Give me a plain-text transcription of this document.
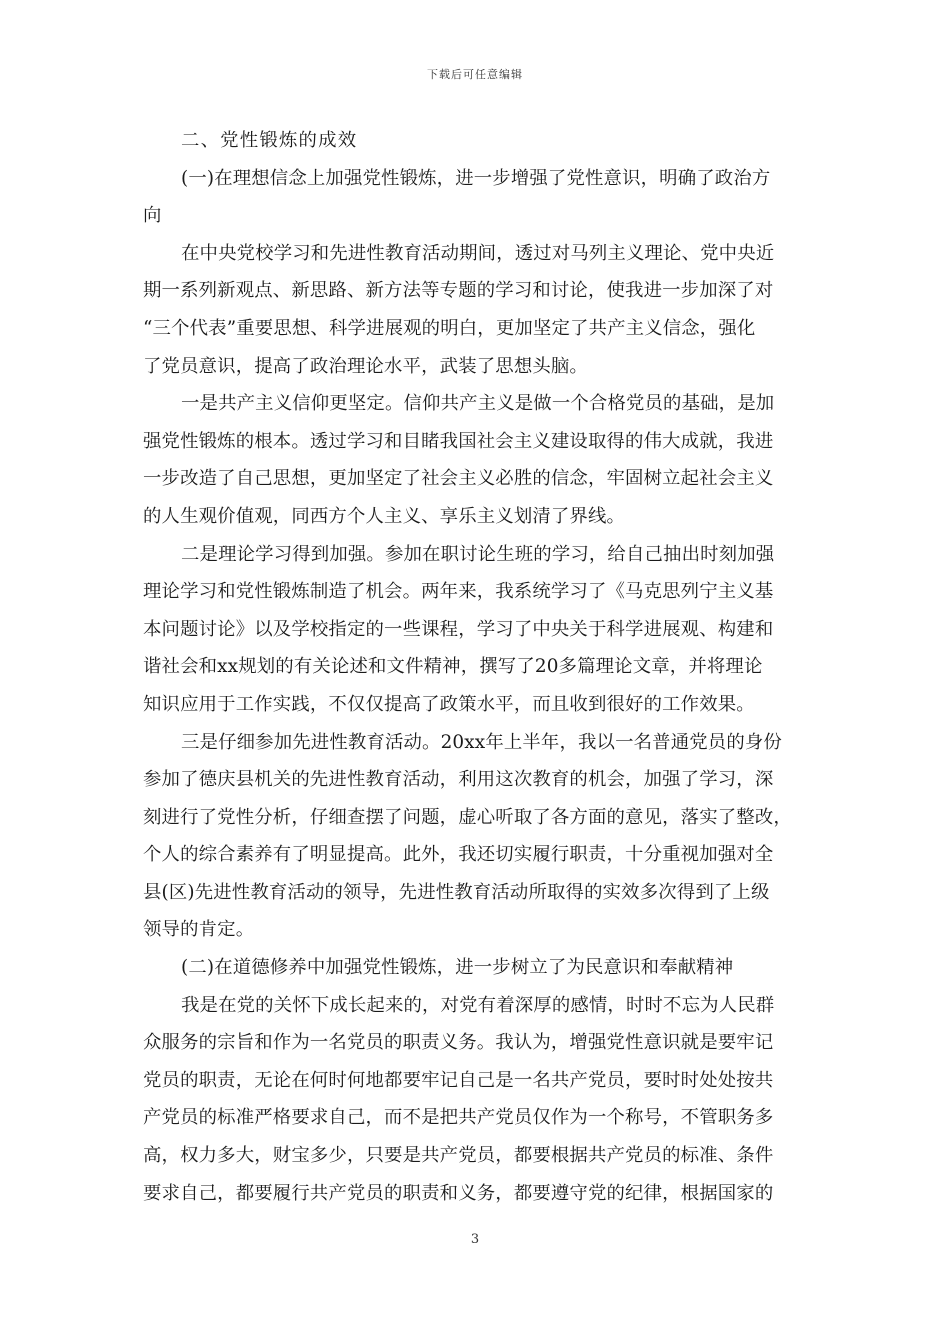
下载后可任意编辑
二、党性锻炼的成效
(一)在理想信念上加强党性锻炼，进一步增强了党性意识，明确了政治方
向
在中央党校学习和先进性教育活动期间，透过对马列主义理论、党中央近
期一系列新观点、新思路、新方法等专题的学习和讨论，使我进一步加深了对
“三个代表”重要思想、科学进展观的明白，更加坚定了共产主义信念，强化
了党员意识，提高了政治理论水平，武装了思想头脑。
一是共产主义信仰更坚定。信仰共产主义是做一个合格党员的基础，是加
强党性锻炼的根本。透过学习和目睹我国社会主义建设取得的伟大成就，我进
一步改造了自己思想，更加坚定了社会主义必胜的信念，牢固树立起社会主义
的人生观价值观，同西方个人主义、享乐主义划清了界线。
二是理论学习得到加强。参加在职讨论生班的学习，给自己抽出时刻加强
理论学习和党性锻炼制造了机会。两年来，我系统学习了《马克思列宁主义基
本问题讨论》以及学校指定的一些课程，学习了中央关于科学进展观、构建和
谐社会和xx规划的有关论述和文件精神，撰写了20多篇理论文章，并将理论
知识应用于工作实践，不仅仅提高了政策水平，而且收到很好的工作效果。
三是仔细参加先进性教育活动。20xx年上半年，我以一名普通党员的身份
参加了德庆县机关的先进性教育活动，利用这次教育的机会，加强了学习，深
刻进行了党性分析，仔细查摆了问题，虚心听取了各方面的意见，落实了整改，
个人的综合素养有了明显提高。此外，我还切实履行职责，十分重视加强对全
县(区)先进性教育活动的领导，先进性教育活动所取得的实效多次得到了上级
领导的肯定。
(二)在道德修养中加强党性锻炼，进一步树立了为民意识和奉献精神
我是在党的关怀下成长起来的，对党有着深厚的感情，时时不忘为人民群
众服务的宗旨和作为一名党员的职责义务。我认为，增强党性意识就是要牢记
党员的职责，无论在何时何地都要牢记自己是一名共产党员，要时时处处按共
产党员的标准严格要求自己，而不是把共产党员仅作为一个称号，不管职务多
高，权力多大，财宝多少，只要是共产党员，都要根据共产党员的标准、条件
要求自己，都要履行共产党员的职责和义务，都要遵守党的纪律，根据国家的
3
